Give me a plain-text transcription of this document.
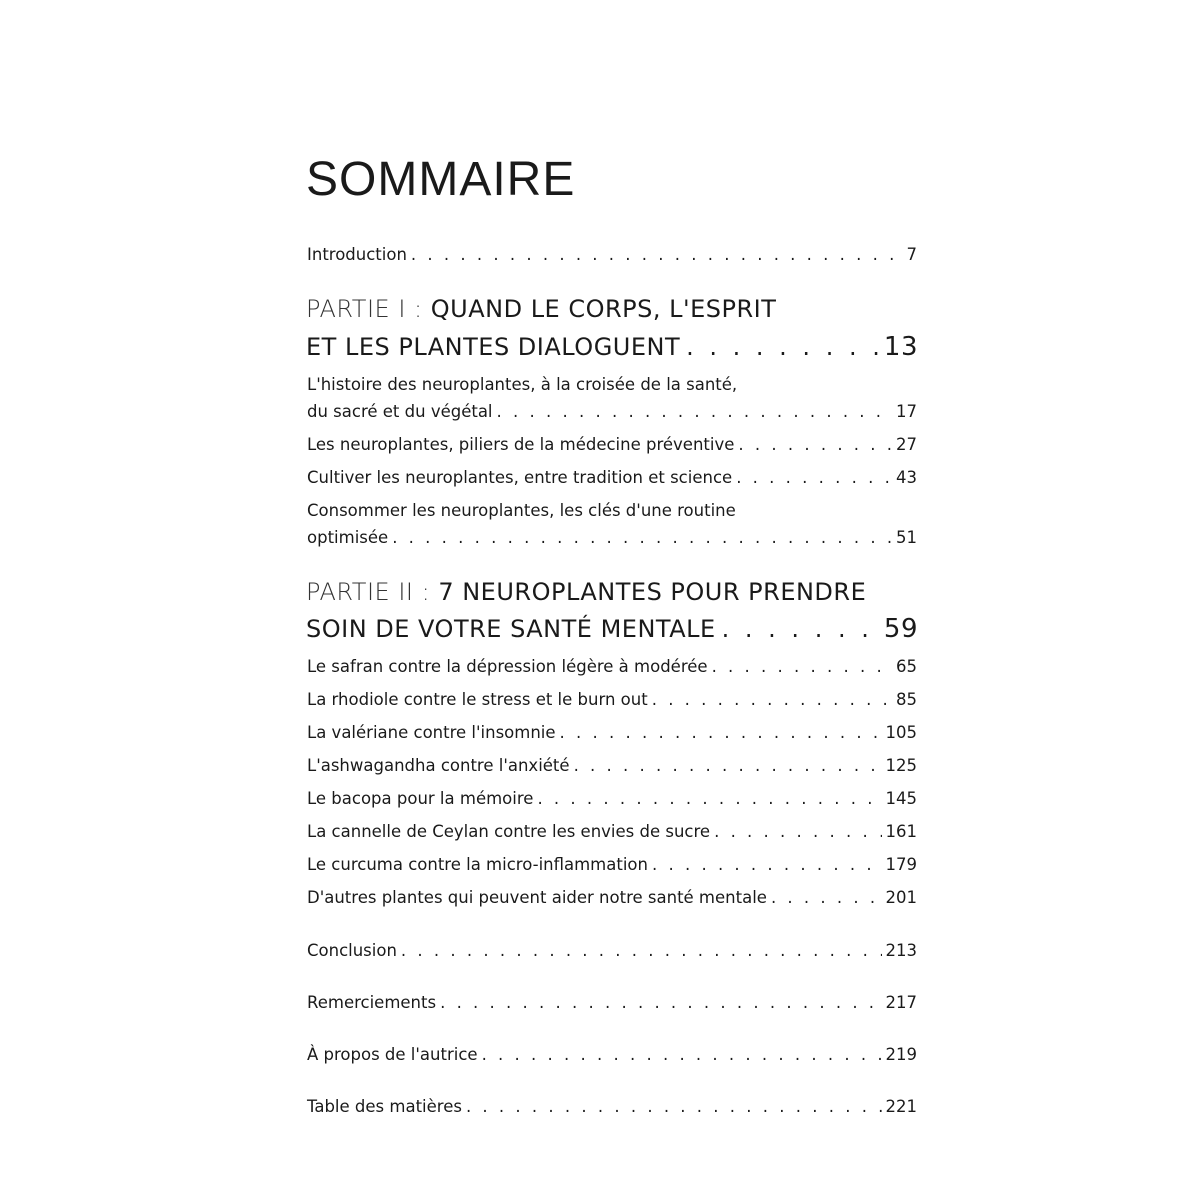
SOMMAIRE
Introduction . . .	7
PARTIE I : QUAND LE CORPS, L'ESPRIT
ET LES PLANTES DIALOGUENT . . .	13
L'histoire des neuroplantes, à la croisée de la santé,
du sacré et du végétal . . .	17
Les neuroplantes, piliers de la médecine préventive . . .	27
Cultiver les neuroplantes, entre tradition et science . . .	43
Consommer les neuroplantes, les clés d'une routine
optimisée . . .	51
PARTIE II : 7 NEUROPLANTES POUR PRENDRE
SOIN DE VOTRE SANTÉ MENTALE . . .	59
Le safran contre la dépression légère à modérée . . .	65
La rhodiole contre le stress et le burn out . . .	85
La valériane contre l'insomnie . . .	105
L'ashwagandha contre l'anxiété . . .	125
Le bacopa pour la mémoire . . .	145
La cannelle de Ceylan contre les envies de sucre . . .	161
Le curcuma contre la micro-inflammation . . .	179
D'autres plantes qui peuvent aider notre santé mentale . . .	201
Conclusion . . .	213
Remerciements . . .	217
À propos de l'autrice . . .	219
Table des matières . . .	221
